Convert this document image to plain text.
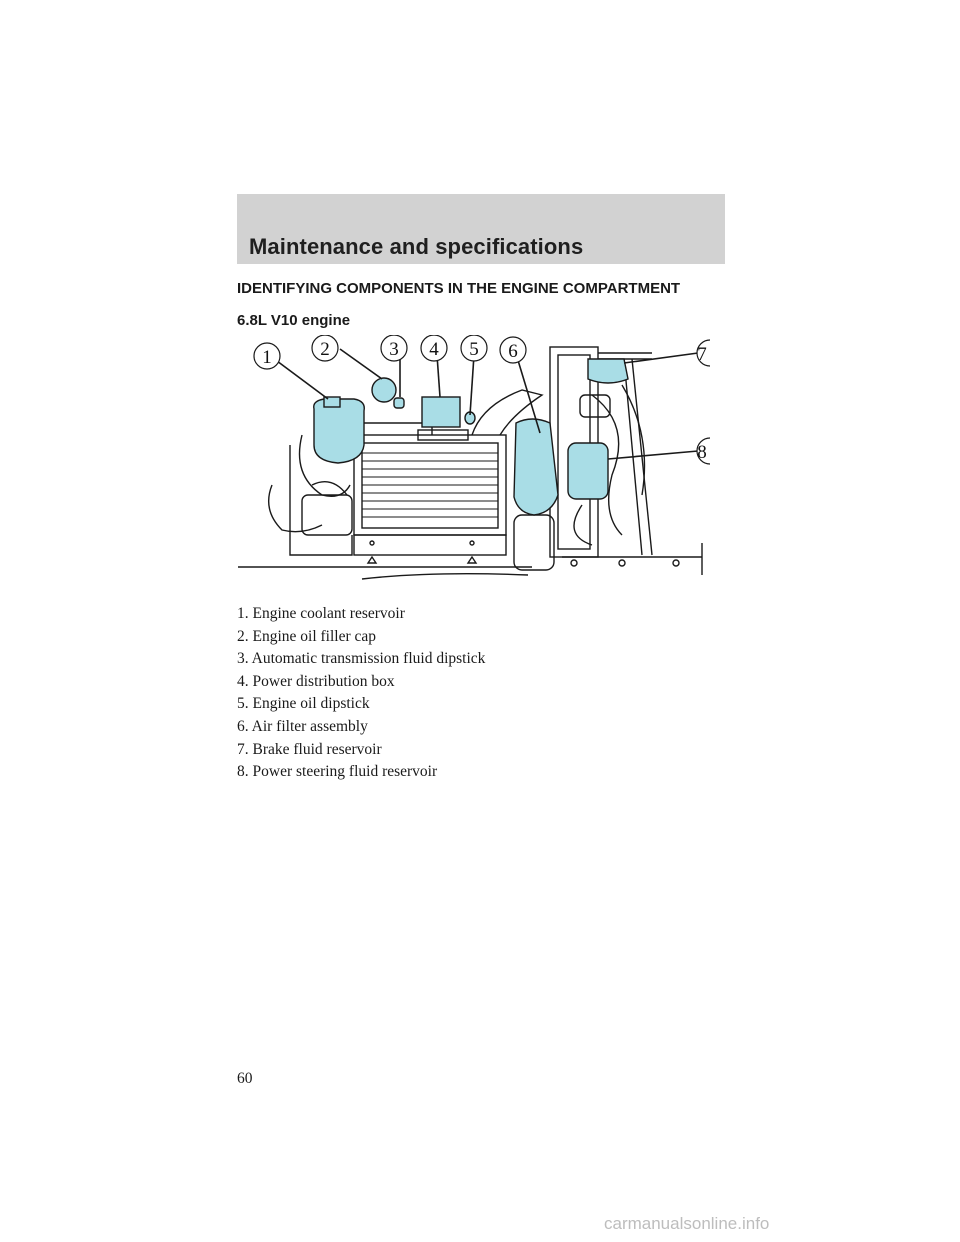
Maintenance and specifications
IDENTIFYING COMPONENTS IN THE ENGINE COMPARTMENT
6.8L V10 engine
1	2	3 4 5 6	7
8
1. Engine coolant reservoir
2. Engine oil filler cap
3. Automatic transmission fluid dipstick
4. Power distribution box
5. Engine oil dipstick
6. Air filter assembly
7. Brake fluid reservoir
8. Power steering fluid reservoir
60
carmanualsonline.info
